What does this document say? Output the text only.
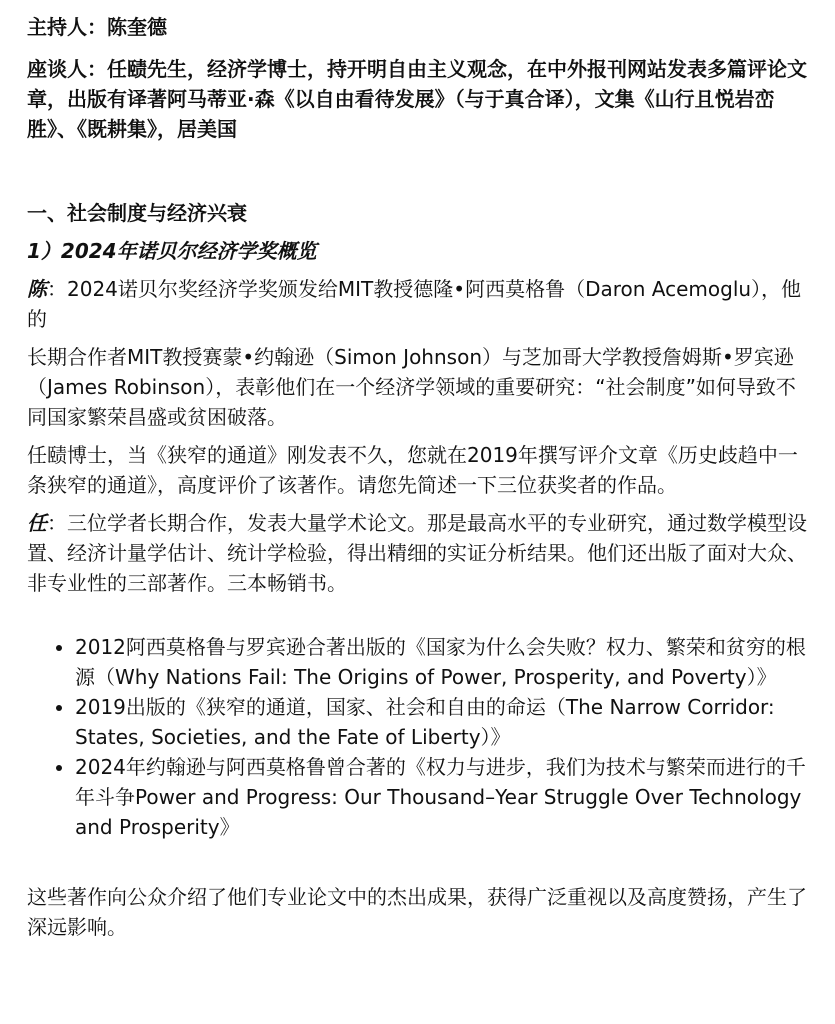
主持人：陈奎德

座谈人：任赜先生，经济学博士，持开明自由主义观念，在中外报刊网站发表多篇评论文章，出版有译著阿马蒂亚·森《以自由看待发展》（与于真合译），文集《山行且悦岩峦胜》、《既耕集》，居美国

一、社会制度与经济兴衰
1）2024年诺贝尔经济学奖概览

陈：2024诺贝尔奖经济学奖颁发给MIT教授德隆•阿西莫格鲁（Daron Acemoglu），他的

长期合作者MIT教授赛蒙•约翰逊（Simon Johnson）与芝加哥大学教授詹姆斯•罗宾逊（James Robinson），表彰他们在一个经济学领域的重要研究：“社会制度”如何导致不同国家繁荣昌盛或贫困破落。

任赜博士，当《狭窄的通道》刚发表不久，您就在2019年撰写评介文章《历史歧趋中一条狭窄的通道》，高度评价了该著作。请您先简述一下三位获奖者的作品。

任：三位学者长期合作，发表大量学术论文。那是最高水平的专业研究，通过数学模型设置、经济计量学估计、统计学检验，得出精细的实证分析结果。他们还出版了面对大众、非专业性的三部著作。三本畅销书。

• 2012阿西莫格鲁与罗宾逊合著出版的《国家为什么会失败？权力、繁荣和贫穷的根源（Why Nations Fail: The Origins of Power, Prosperity, and Poverty）》
• 2019出版的《狭窄的通道，国家、社会和自由的命运（The Narrow Corridor: States, Societies, and the Fate of Liberty）》
• 2024年约翰逊与阿西莫格鲁曾合著的《权力与进步，我们为技术与繁荣而进行的千年斗争Power and Progress: Our Thousand–Year Struggle Over Technology and Prosperity》

这些著作向公众介绍了他们专业论文中的杰出成果，获得广泛重视以及高度赞扬，产生了深远影响。
